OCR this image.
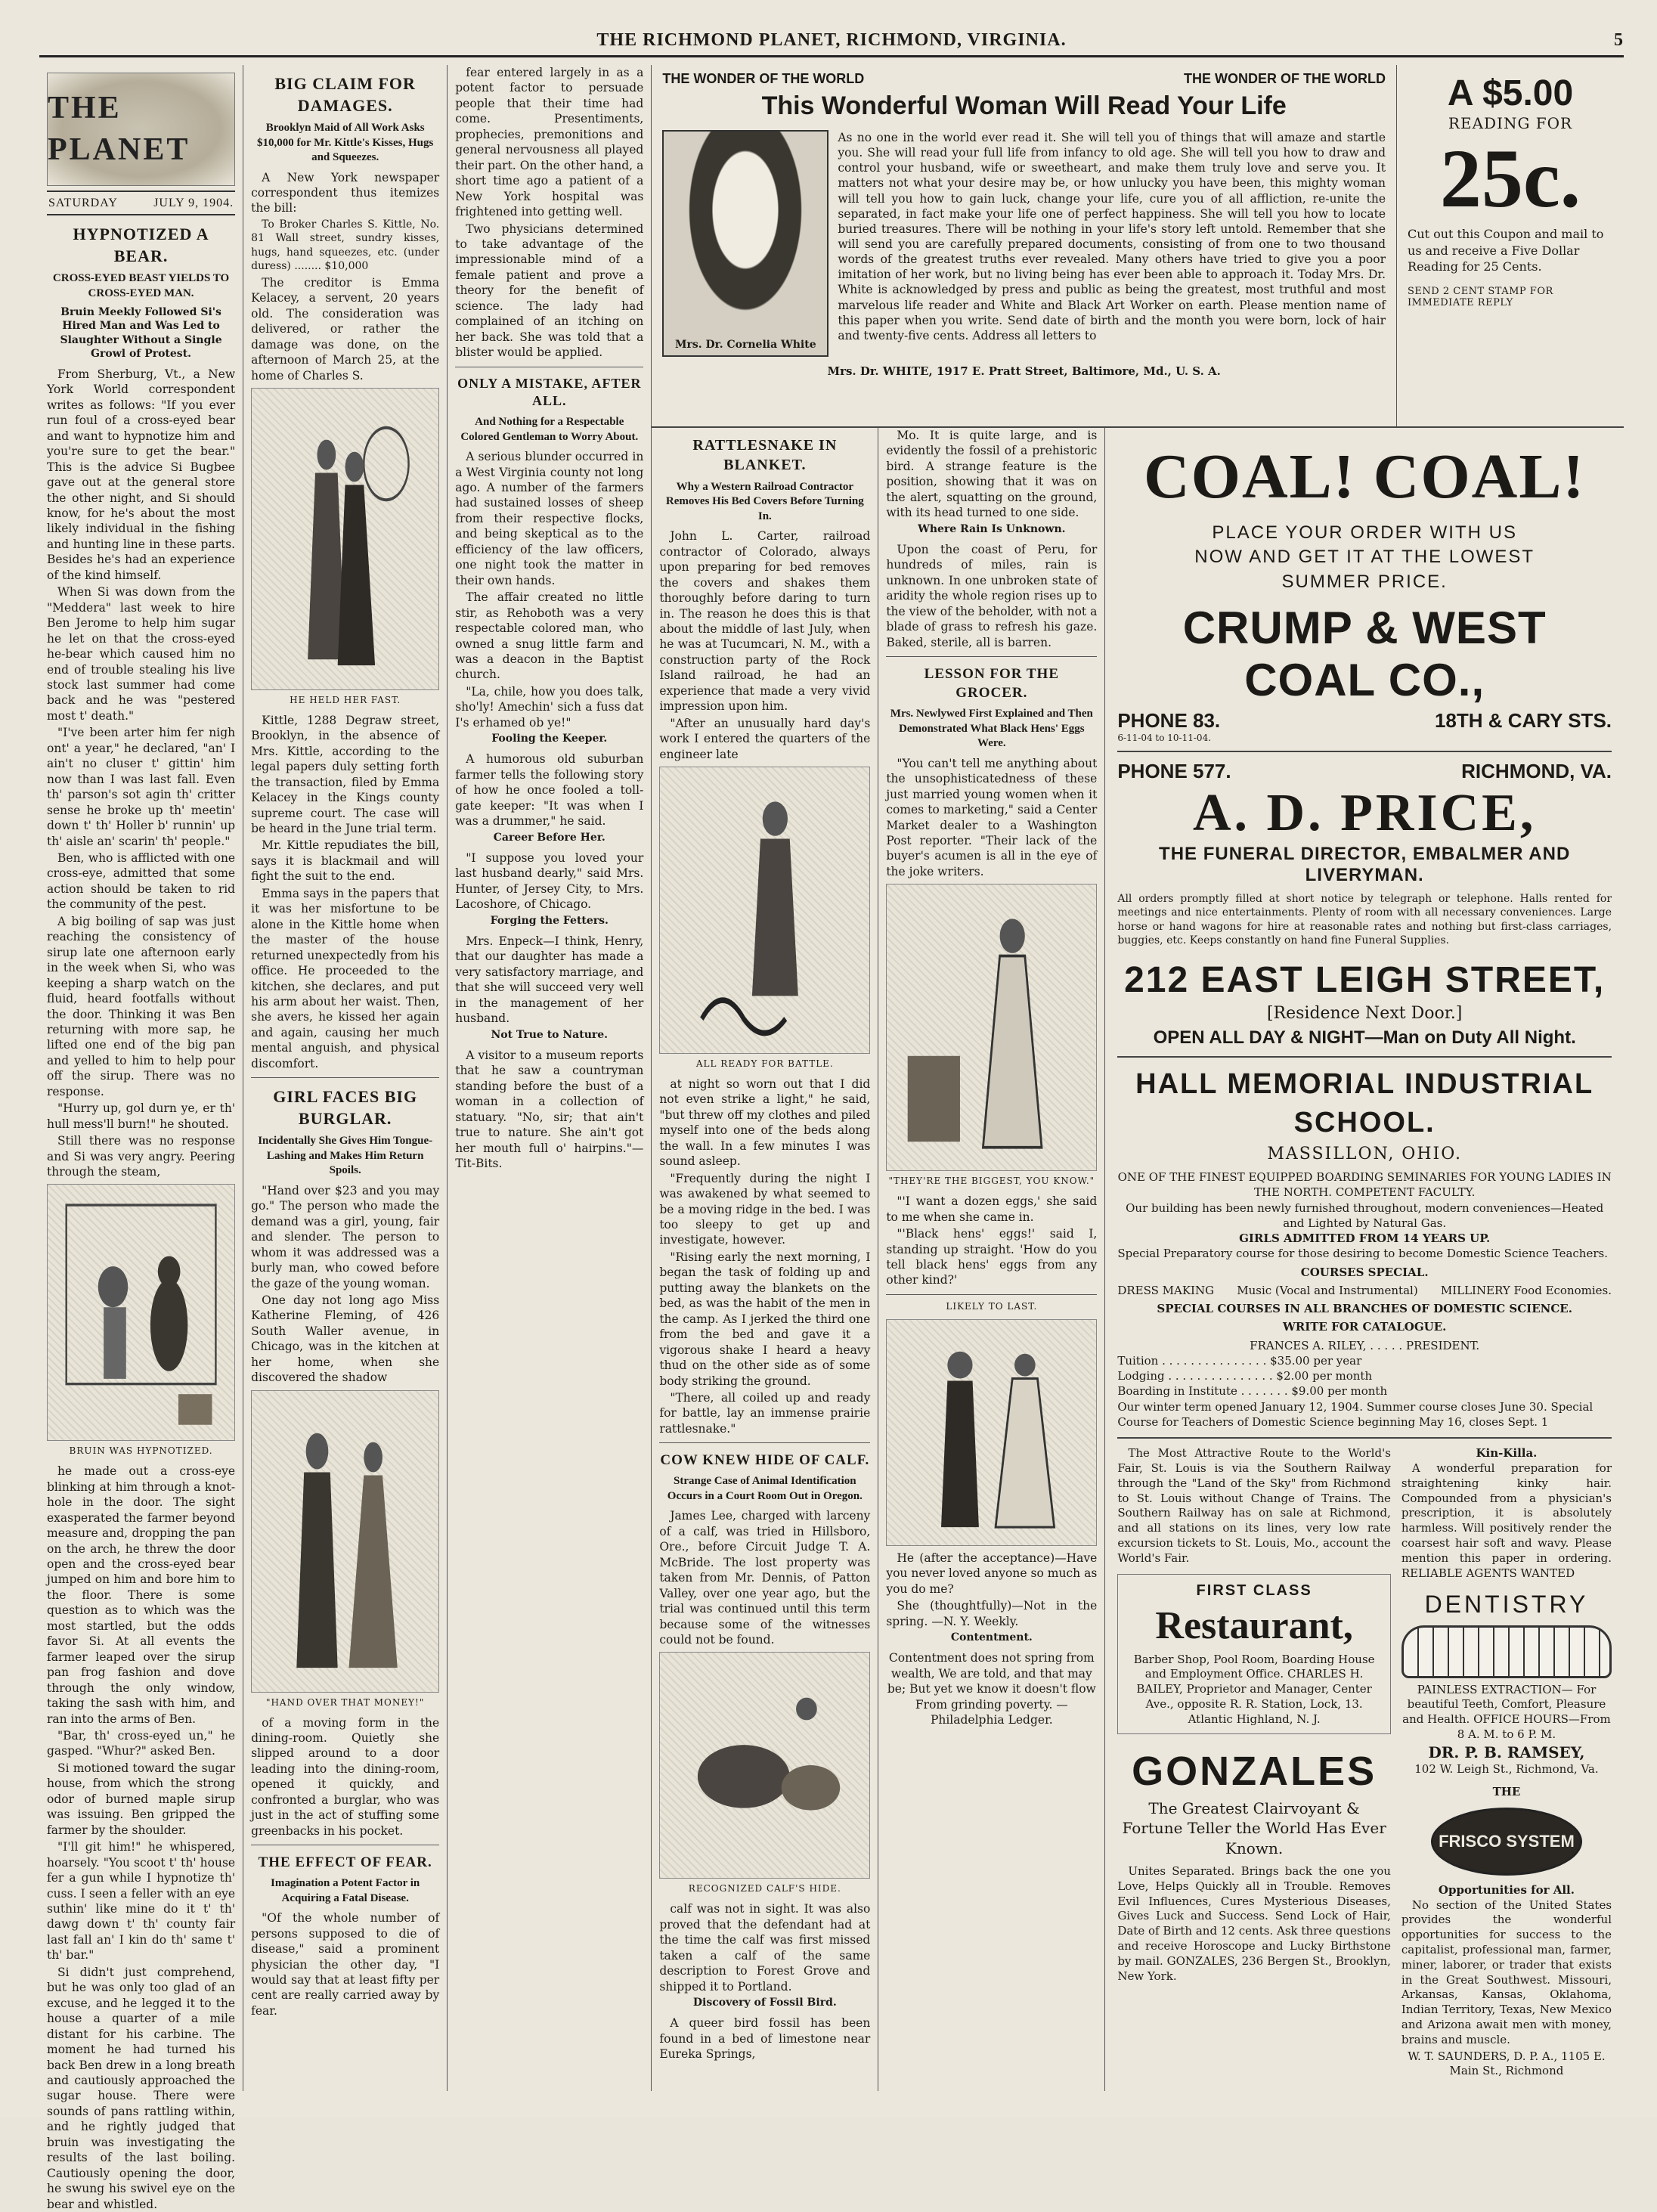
THE RICHMOND PLANET, RICHMOND, VIRGINIA.	5
THE PLANET
SATURDAY	JULY 9, 1904.
HYPNOTIZED A BEAR.
CROSS-EYED BEAST YIELDS TO CROSS-EYED MAN.
Bruin Meekly Followed Si's Hired Man and Was Led to Slaughter Without a Single Growl of Protest.

From Sherburg, Vt., a New York World correspondent writes as follows: "If you ever run foul of a cross-eyed bear and want to hypnotize him and you're sure to get the bear." This is the advice Si Bugbee gave out at the general store the other night, and Si should know, for he's about the most likely individual in the fishing and hunting line in these parts. Besides he's had an experience of the kind himself.

When Si was down from the "Meddera" last week to hire Ben Jerome to help him sugar he let on that the cross-eyed he-bear which caused him no end of trouble stealing his live stock last summer had come back and he was "pestered most t' death."

"I've been arter him fer nigh ont' a year," he declared, "an' I ain't no cluser t' gittin' him now than I was last fall. Even th' parson's sot agin th' critter sense he broke up th' meetin' down t' th' Holler b' runnin' up th' aisle an' scarin' th' people."

Ben, who is afflicted with one cross-eye, admitted that some action should be taken to rid the community of the pest.

A big boiling of sap was just reaching the consistency of sirup late one afternoon early in the week when Si, who was keeping a sharp watch on the fluid, heard footfalls without the door. Thinking it was Ben returning with more sap, he lifted one end of the big pan and yelled to him to help pour off the sirup. There was no response.

"Hurry up, gol durn ye, er th' hull mess'll burn!" he shouted.

Still there was no response and Si was very angry. Peering through the steam,

BRUIN WAS HYPNOTIZED.

he made out a cross-eye blinking at him through a knot-hole in the door. The sight exasperated the farmer beyond measure and, dropping the pan on the arch, he threw the door open and the cross-eyed bear jumped on him and bore him to the floor. There is some question as to which was the most startled, but the odds favor Si. At all events the farmer leaped over the sirup pan frog fashion and dove through the only window, taking the sash with him, and ran into the arms of Ben.

"Bar, th' cross-eyed un," he gasped. "Whur?" asked Ben.

Si motioned toward the sugar house, from which the strong odor of burned maple sirup was issuing. Ben gripped the farmer by the shoulder.

"I'll git him!" he whispered, hoarsely. "You scoot t' th' house fer a gun while I hypnotize th' cuss. I seen a feller with an eye suthin' like mine do it t' th' dawg down t' th' county fair last fall an' I kin do th' same t' th' bar."

Si didn't just comprehend, but he was only too glad of an excuse, and he legged it to the house a quarter of a mile distant for his carbine. The moment he had turned his back Ben drew in a long breath and cautiously approached the sugar house. There were sounds of pans rattling within, and he rightly judged that bruin was investigating the results of the last boiling. Cautiously opening the door, he swung his swivel eye on the bear and whistled.

BIG CLAIM FOR DAMAGES.
Brooklyn Maid of All Work Asks $10,000 for Mr. Kittle's Kisses, Hugs and Squeezes.

A New York newspaper correspondent thus itemizes the bill:

To Broker Charles S. Kittle, No. 81 Wall street, sundry kisses, hugs, hand squeezes, etc. (under duress) ........ $10,000

The creditor is Emma Kelacey, a servent, 20 years old. The consideration was delivered, or rather the damage was done, on the afternoon of March 25, at the home of Charles S.

HE HELD HER FAST.

Kittle, 1288 Degraw street, Brooklyn, in the absence of Mrs. Kittle, according to the legal papers duly setting forth the transaction, filed by Emma Kelacey in the Kings county supreme court. The case will be heard in the June trial term.

Mr. Kittle repudiates the bill, says it is blackmail and will fight the suit to the end.

Emma says in the papers that it was her misfortune to be alone in the Kittle home when the master of the house returned unexpectedly from his office. He proceeded to the kitchen, she declares, and put his arm about her waist. Then, she avers, he kissed her again and again, causing her much mental anguish, and physical discomfort.

GIRL FACES BIG BURGLAR.
Incidentally She Gives Him Tongue-Lashing and Makes Him Return Spoils.

"Hand over $23 and you may go." The person who made the demand was a girl, young, fair and slender. The person to whom it was addressed was a burly man, who cowed before the gaze of the young woman.

One day not long ago Miss Katherine Fleming, of 426 South Waller avenue, in Chicago, was in the kitchen at her home, when she discovered the shadow

"HAND OVER THAT MONEY!"

of a moving form in the dining-room. Quietly she slipped around to a door leading into the dining-room, opened it quickly, and confronted a burglar, who was just in the act of stuffing some greenbacks in his pocket.

THE EFFECT OF FEAR.
Imagination a Potent Factor in Acquiring a Fatal Disease.

"Of the whole number of persons supposed to die of disease," said a prominent physician the other day, "I would say that at least fifty per cent are really carried away by fear.

fear entered largely in as a potent factor to persuade people that their time had come. Presentiments, prophecies, premonitions and general nervousness all played their part. On the other hand, a short time ago a patient of a New York hospital was frightened into getting well.

Two physicians determined to take advantage of the impressionable mind of a female patient and prove a theory for the benefit of science. The lady had complained of an itching on her back. She was told that a blister would be applied.

ONLY A MISTAKE, AFTER ALL.
And Nothing for a Respectable Colored Gentleman to Worry About.

A serious blunder occurred in a West Virginia county not long ago. A number of the farmers had sustained losses of sheep from their respective flocks, and being skeptical as to the efficiency of the law officers, one night took the matter in their own hands.

The affair created no little stir, as Rehoboth was a very respectable colored man, who owned a snug little farm and was a deacon in the Baptist church.

"La, chile, how you does talk, sho'ly! Amechin' sich a fuss dat I's erhamed ob ye!"

Fooling the Keeper.

A humorous old suburban farmer tells the following story of how he once fooled a toll-gate keeper: "It was when I was a drummer," he said.

Career Before Her.

"I suppose you loved your last husband dearly," said Mrs. Hunter, of Jersey City, to Mrs. Lacoshore, of Chicago.

Forging the Fetters.

Mrs. Enpeck—I think, Henry, that our daughter has made a very satisfactory marriage, and that she will succeed very well in the management of her husband.

Not True to Nature.

A visitor to a museum reports that he saw a countryman standing before the bust of a woman in a collection of statuary. "No, sir; that ain't true to nature. She ain't got her mouth full o' hairpins."—Tit-Bits.

THE WONDER OF THE WORLD	THE WONDER OF THE WORLD
This Wonderful Woman Will Read Your Life
Mrs. Dr. Cornelia White
As no one in the world ever read it. She will tell you of things that will amaze and startle you. She will read your full life from infancy to old age. She will tell you how to draw and control your husband, wife or sweetheart, and make them truly love and serve you. It matters not what your desire may be, or how unlucky you have been, this mighty woman will tell you how to gain luck, change your life, cure you of all affliction, re-unite the separated, in fact make your life one of perfect happiness. She will tell you how to locate buried treasures. There will be nothing in your life's story left untold. Remember that she will send you are carefully prepared documents, consisting of from one to two thousand words of the greatest truths ever revealed. Many others have tried to give you a poor imitation of her work, but no living being has ever been able to approach it. Today Mrs. Dr. White is acknowledged by press and public as being the greatest, most truthful and most marvelous life reader and White and Black Art Worker on earth. Please mention name of this paper when you write. Send date of birth and the month you were born, lock of hair and twenty-five cents. Address all letters to
Mrs. Dr. WHITE, 1917 E. Pratt Street, Baltimore, Md., U. S. A.
A $5.00
READING FOR
25c.
Cut out this Coupon and mail to us and receive a Five Dollar Reading for 25 Cents.
SEND 2 CENT STAMP FOR IMMEDIATE REPLY
RATTLESNAKE IN BLANKET.
Why a Western Railroad Contractor Removes His Bed Covers Before Turning In.

John L. Carter, railroad contractor of Colorado, always upon preparing for bed removes the covers and shakes them thoroughly before daring to turn in. The reason he does this is that about the middle of last July, when he was at Tucumcari, N. M., with a construction party of the Rock Island railroad, he had an experience that made a very vivid impression upon him.

"After an unusually hard day's work I entered the quarters of the engineer late

ALL READY FOR BATTLE.

at night so worn out that I did not even strike a light," he said, "but threw off my clothes and piled myself into one of the beds along the wall. In a few minutes I was sound asleep.

"Frequently during the night I was awakened by what seemed to be a moving ridge in the bed. I was too sleepy to get up and investigate, however.

"Rising early the next morning, I began the task of folding up and putting away the blankets on the bed, as was the habit of the men in the camp. As I jerked the third one from the bed and gave it a vigorous shake I heard a heavy thud on the other side as of some body striking the ground.

"There, all coiled up and ready for battle, lay an immense prairie rattlesnake."

COW KNEW HIDE OF CALF.
Strange Case of Animal Identification Occurs in a Court Room Out in Oregon.

James Lee, charged with larceny of a calf, was tried in Hillsboro, Ore., before Circuit Judge T. A. McBride. The lost property was taken from Mr. Dennis, of Patton Valley, over one year ago, but the trial was continued until this term because some of the witnesses could not be found.

RECOGNIZED CALF'S HIDE.

calf was not in sight. It was also proved that the defendant had at the time the calf was first missed taken a calf of the same description to Forest Grove and shipped it to Portland.

Discovery of Fossil Bird.

A queer bird fossil has been found in a bed of limestone near Eureka Springs,

Mo. It is quite large, and is evidently the fossil of a prehistoric bird. A strange feature is the position, showing that it was on the alert, squatting on the ground, with its head turned to one side.

Where Rain Is Unknown.

Upon the coast of Peru, for hundreds of miles, rain is unknown. In one unbroken state of aridity the whole region rises up to the view of the beholder, with not a blade of grass to refresh his gaze. Baked, sterile, all is barren.

LESSON FOR THE GROCER.
Mrs. Newlywed First Explained and Then Demonstrated What Black Hens' Eggs Were.

"You can't tell me anything about the unsophisticatedness of these just married young women when it comes to marketing," said a Center Market dealer to a Washington Post reporter. "Their lack of the buyer's acumen is all in the eye of the joke writers.

"THEY'RE THE BIGGEST, YOU KNOW."

"'I want a dozen eggs,' she said to me when she came in.

"'Black hens' eggs!' said I, standing up straight. 'How do you tell black hens' eggs from any other kind?'

LIKELY TO LAST.

He (after the acceptance)—Have you never loved anyone so much as you do me?

She (thoughtfully)—Not in the spring. —N. Y. Weekly.

Contentment.

Contentment does not spring from wealth, We are told, and that may be; But yet we know it doesn't flow From grinding poverty. —Philadelphia Ledger.

COAL! COAL!
PLACE YOUR ORDER WITH US NOW AND GET IT AT THE LOWEST SUMMER PRICE.
CRUMP & WEST COAL CO.,
PHONE 83.	18TH & CARY STS.
6-11-04 to 10-11-04.
PHONE 577.	RICHMOND, VA.
A. D. PRICE,
THE FUNERAL DIRECTOR, EMBALMER AND LIVERYMAN.
All orders promptly filled at short notice by telegraph or telephone. Halls rented for meetings and nice entertainments. Plenty of room with all necessary conveniences. Large horse or hand wagons for hire at reasonable rates and nothing but first-class carriages, buggies, etc. Keeps constantly on hand fine Funeral Supplies.
212 EAST LEIGH STREET,
[Residence Next Door.]
OPEN ALL DAY & NIGHT—Man on Duty All Night.
HALL MEMORIAL INDUSTRIAL SCHOOL.
MASSILLON, OHIO.
ONE OF THE FINEST EQUIPPED BOARDING SEMINARIES FOR YOUNG LADIES IN THE NORTH. COMPETENT FACULTY.
Our building has been newly furnished throughout, modern conveniences—Heated and Lighted by Natural Gas.
GIRLS ADMITTED FROM 14 YEARS UP.
Special Preparatory course for those desiring to become Domestic Science Teachers.
COURSES SPECIAL.
DRESS MAKING Music (Vocal and Instrumental) MILLINERY Food Economies.
SPECIAL COURSES IN ALL BRANCHES OF DOMESTIC SCIENCE.
WRITE FOR CATALOGUE.
FRANCES A. RILEY, . . . . . PRESIDENT.
Tuition . . . . . . . . . . . . . . . $35.00 per year
Lodging . . . . . . . . . . . . . . . $2.00 per month
Boarding in Institute . . . . . . . $9.00 per month
Our winter term opened January 12, 1904. Summer course closes June 30. Special Course for Teachers of Domestic Science beginning May 16, closes Sept. 1

The Most Attractive Route to the World's Fair, St. Louis is via the Southern Railway through the "Land of the Sky" from Richmond to St. Louis without Change of Trains. The Southern Railway has on sale at Richmond, and all stations on its lines, very low rate excursion tickets to St. Louis, Mo., account the World's Fair.

FIRST CLASS
Restaurant,

Barber Shop, Pool Room, Boarding House and Employment Office. CHARLES H. BAILEY, Proprietor and Manager, Center Ave., opposite R. R. Station, Lock, 13. Atlantic Highland, N. J.

GONZALES
The Greatest Clairvoyant & Fortune Teller the World Has Ever Known.

Unites Separated. Brings back the one you Love, Helps Quickly all in Trouble. Removes Evil Influences, Cures Mysterious Diseases, Gives Luck and Success. Send Lock of Hair, Date of Birth and 12 cents. Ask three questions and receive Horoscope and Lucky Birthstone by mail. GONZALES, 236 Bergen St., Brooklyn, New York.

Kin-Killa.

A wonderful preparation for straightening kinky hair. Compounded from a physician's prescription, it is absolutely harmless. Will positively render the coarsest hair soft and wavy. Please mention this paper in ordering. RELIABLE AGENTS WANTED

DENTISTRY

PAINLESS EXTRACTION— For beautiful Teeth, Comfort, Pleasure and Health. OFFICE HOURS—From 8 A. M. to 6 P. M.

DR. P. B. RAMSEY,

102 W. Leigh St., Richmond, Va.

THE
FRISCO SYSTEM
Opportunities for All.

No section of the United States provides the wonderful opportunities for success to the capitalist, professional man, farmer, miner, laborer, or trader that exists in the Great Southwest. Missouri, Arkansas, Kansas, Oklahoma, Indian Territory, Texas, New Mexico and Arizona await men with money, brains and muscle.

W. T. SAUNDERS, D. P. A., 1105 E. Main St., Richmond
